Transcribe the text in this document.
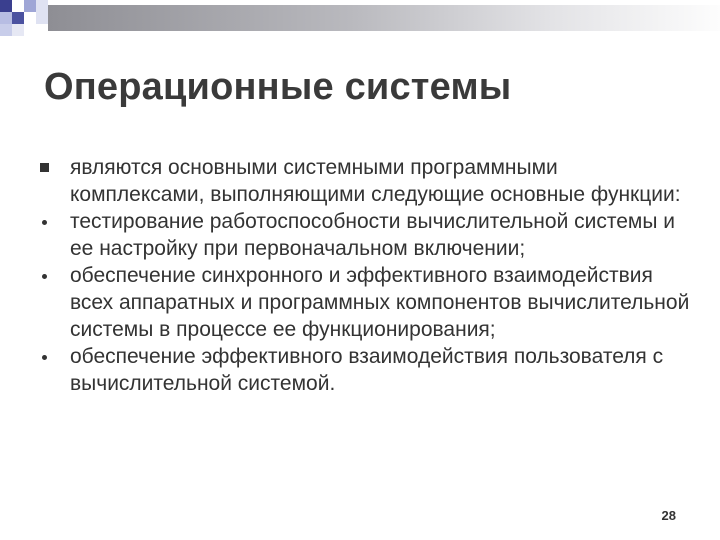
Операционные системы

являются основными системными программными комплексами, выполняющими следующие основные функции:

тестирование работоспособности вычислительной системы и ее настройку при первоначальном включении;

обеспечение синхронного и эффективного взаимодействия всех аппаратных и программных компонентов вычислительной системы в процессе ее функционирования;

обеспечение эффективного взаимодействия пользователя с вычислительной системой.

28
